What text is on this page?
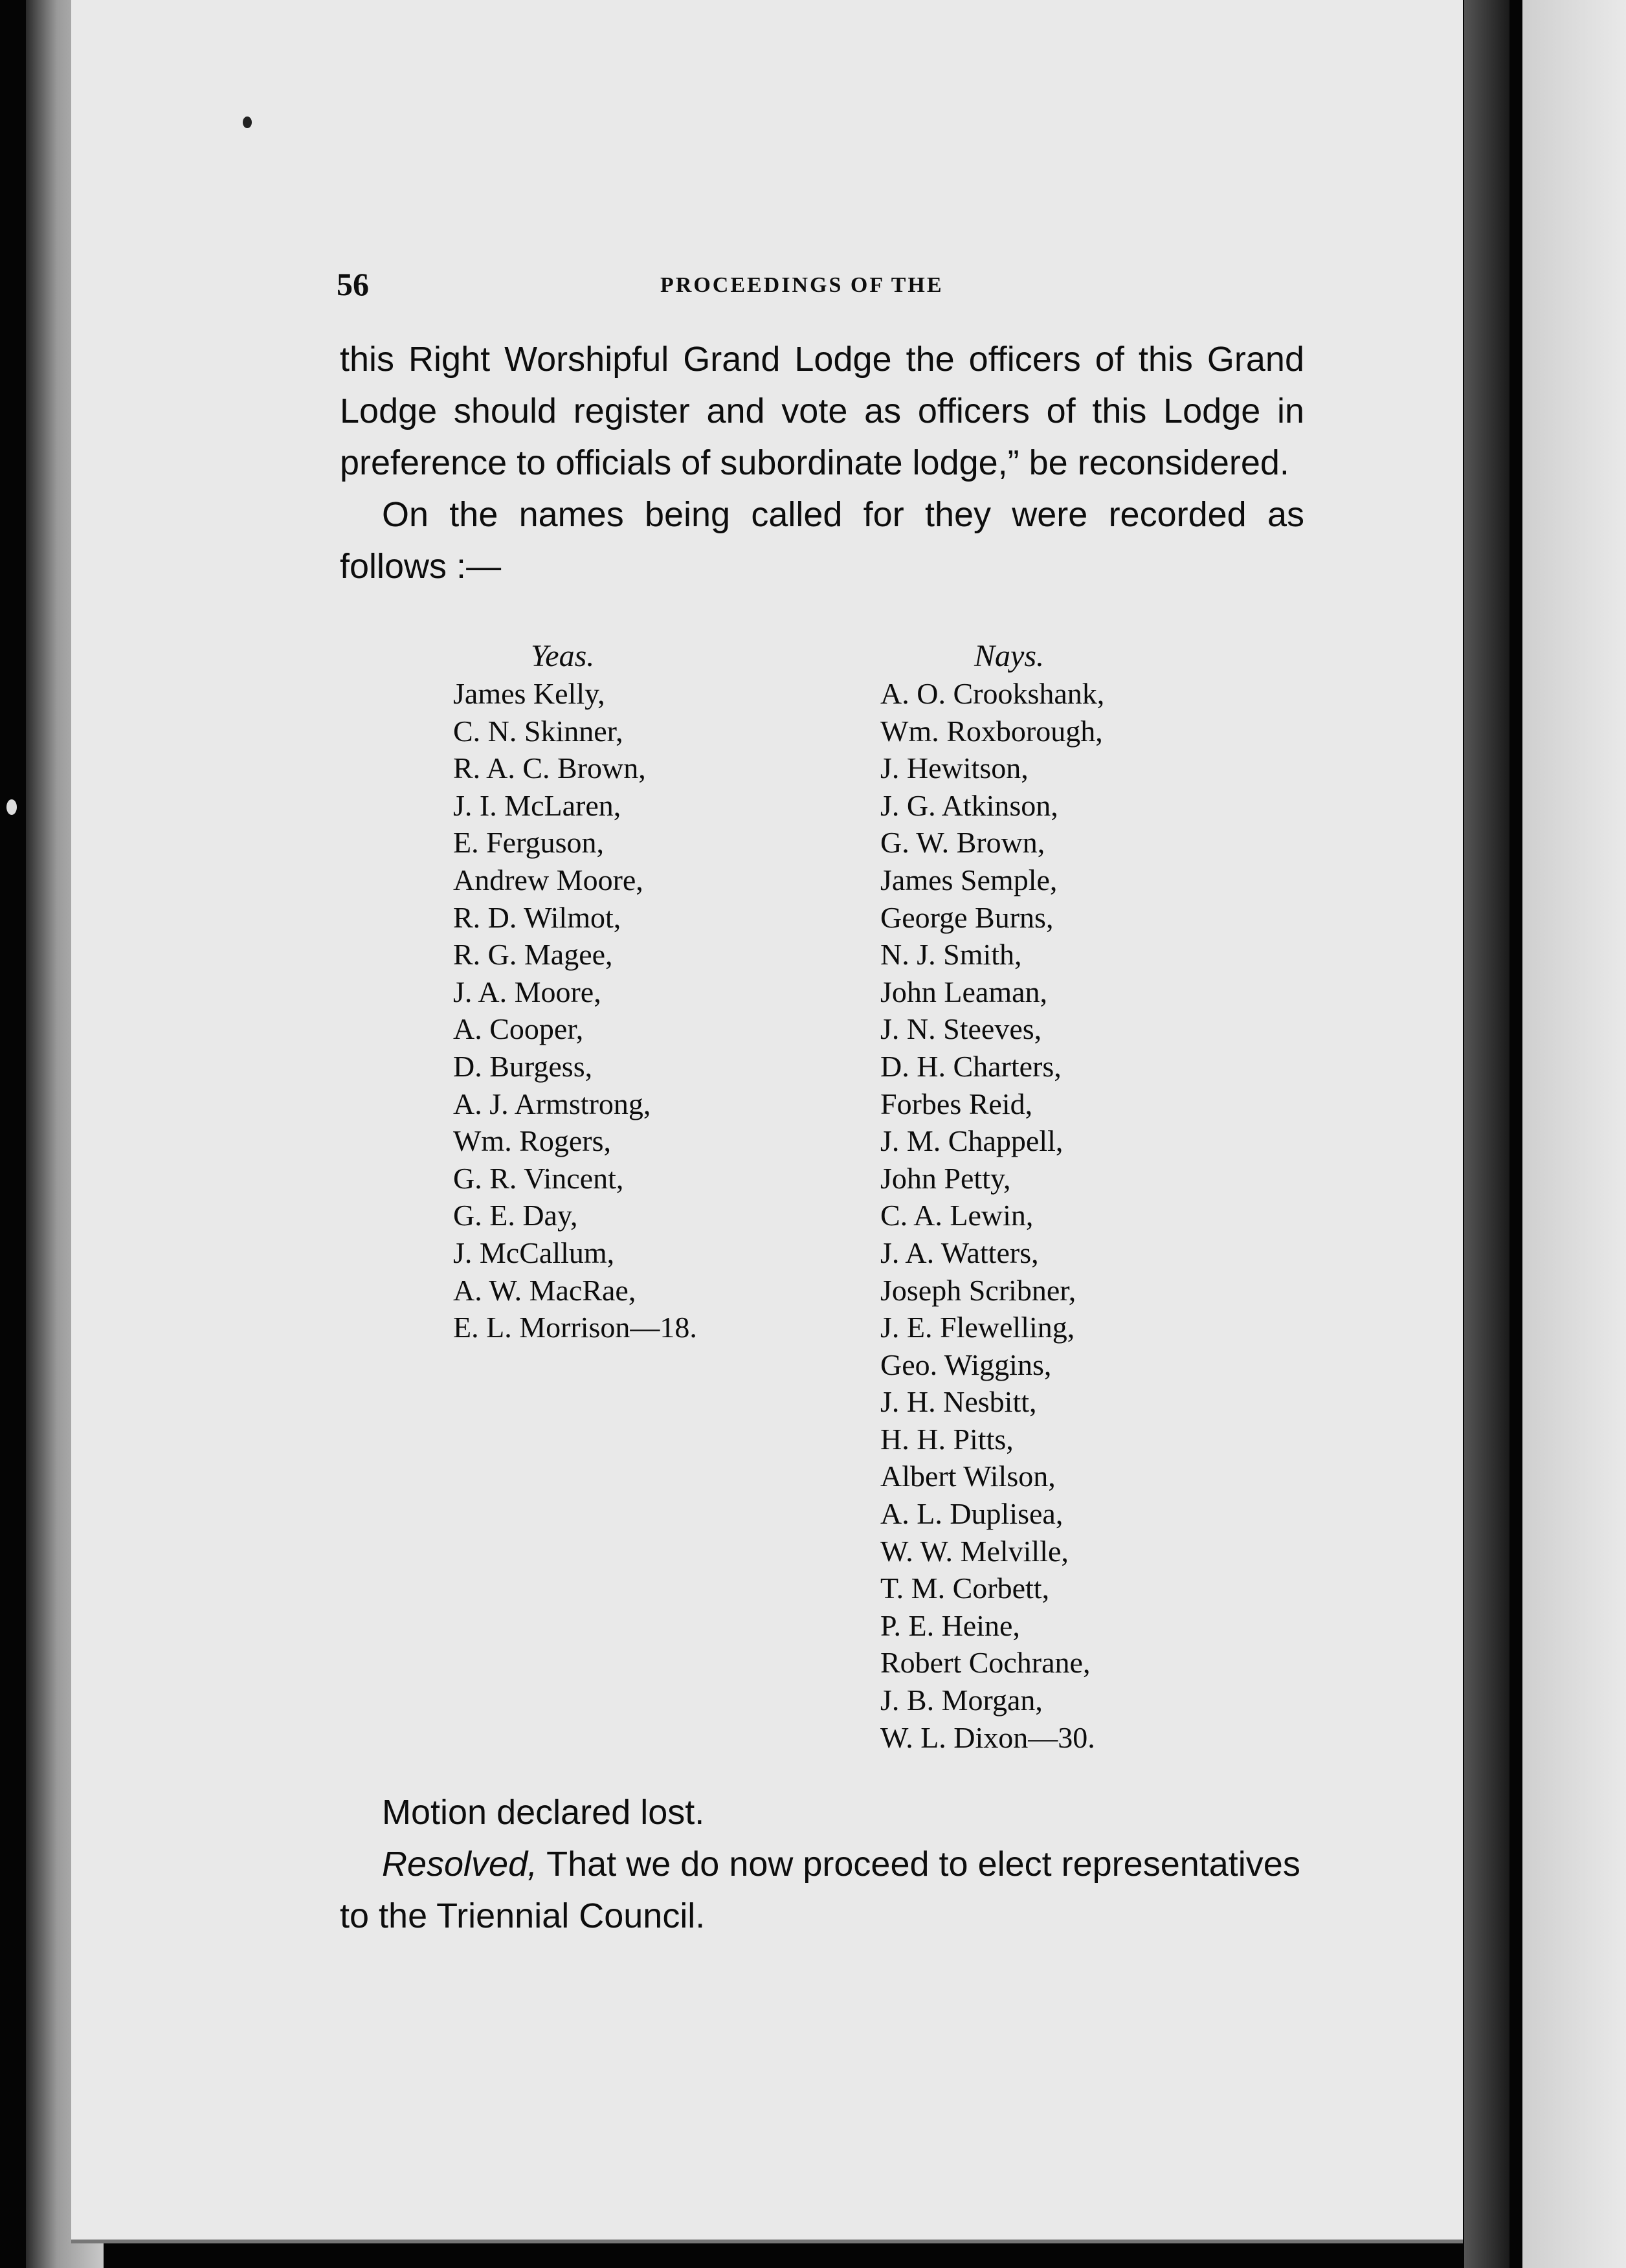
56	PROCEEDINGS OF THE

this Right Worshipful Grand Lodge the officers of this Grand Lodge should register and vote as officers of this Lodge in preference to officials of subordinate lodge,” be reconsidered.

On the names being called for they were recorded as follows :—

Yeas.
James Kelly,
C. N. Skinner,
R. A. C. Brown,
J. I. McLaren,
E. Ferguson,
Andrew Moore,
R. D. Wilmot,
R. G. Magee,
J. A. Moore,
A. Cooper,
D. Burgess,
A. J. Armstrong,
Wm. Rogers,
G. R. Vincent,
G. E. Day,
J. McCallum,
A. W. MacRae,
E. L. Morrison—18.
Nays.
A. O. Crookshank,
Wm. Roxborough,
J. Hewitson,
J. G. Atkinson,
G. W. Brown,
James Semple,
George Burns,
N. J. Smith,
John Leaman,
J. N. Steeves,
D. H. Charters,
Forbes Reid,
J. M. Chappell,
John Petty,
C. A. Lewin,
J. A. Watters,
Joseph Scribner,
J. E. Flewelling,
Geo. Wiggins,
J. H. Nesbitt,
H. H. Pitts,
Albert Wilson,
A. L. Duplisea,
W. W. Melville,
T. M. Corbett,
P. E. Heine,
Robert Cochrane,
J. B. Morgan,
W. L. Dixon—30.

Motion declared lost.

Resolved, That we do now proceed to elect representatives to the Triennial Council.
